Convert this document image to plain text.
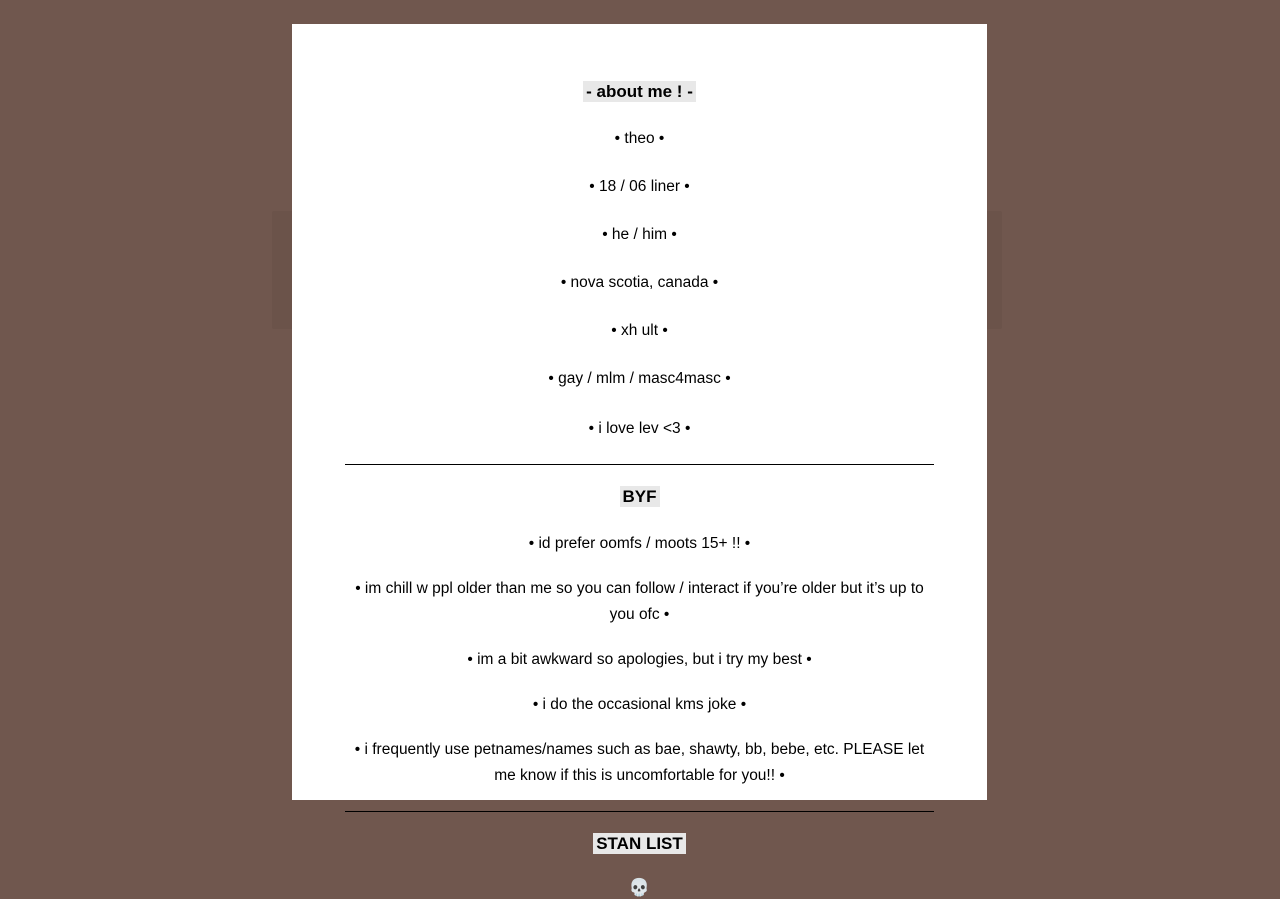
- about me ! -

• theo •

• 18 / 06 liner •

• he / him •

• nova scotia, canada •

• xh ult •

• gay / mlm / masc4masc •

• i love lev <3 •

BYF

• id prefer oomfs / moots 15+ !! •

• im chill w ppl older than me so you can follow / interact if you’re older but it’s up to you ofc •

• im a bit awkward so apologies, but i try my best •

• i do the occasional kms joke •

• i frequently use petnames/names such as bae, shawty, bb, bebe, etc. PLEASE let me know if this is uncomfortable for you!! •

STAN LIST

💀
